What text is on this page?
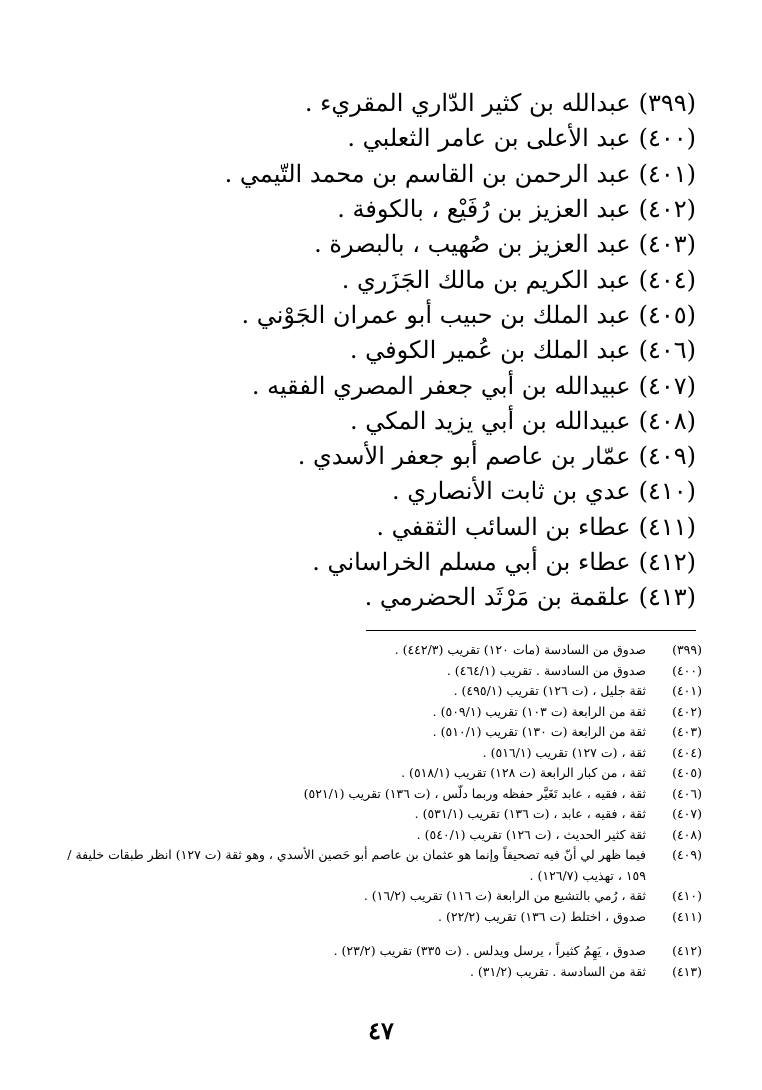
(٣٩٩)
عبدالله بن كثير الدّاري المقريء .
(٤٠٠)
عبد الأعلى بن عامر الثعلبي .
(٤٠١)
عبد الرحمن بن القاسم بن محمد التّيمي .
(٤٠٢)
عبد العزيز بن رُفَيْع ، بالكوفة .
(٤٠٣)
عبد العزيز بن صُهيب ، بالبصرة .
(٤٠٤)
عبد الكريم بن مالك الجَزَري .
(٤٠٥)
عبد الملك بن حبيب أبو عمران الجَوْني .
(٤٠٦)
عبد الملك بن عُمير الكوفي .
(٤٠٧)
عبيدالله بن أبي جعفر المصري الفقيه .
(٤٠٨)
عبيدالله بن أبي يزيد المكي .
(٤٠٩)
عمّار بن عاصم أبو جعفر الأسدي .
(٤١٠)
عدي بن ثابت الأنصاري .
(٤١١)
عطاء بن السائب الثقفي .
(٤١٢)
عطاء بن أبي مسلم الخراساني .
(٤١٣)
علقمة بن مَرْثَد الحضرمي .
(٣٩٩)
صدوق من السادسة (مات ١٢٠) تقريب (٤٤٢/٣) .
(٤٠٠)
صدوق من السادسة . تقريب (٤٦٤/١) .
(٤٠١)
ثقة جليل ، (ت ١٢٦) تقريب (٤٩٥/١) .
(٤٠٢)
ثقة من الرابعة (ت ١٠٣) تقريب (٥٠٩/١) .
(٤٠٣)
ثقة من الرابعة (ت ١٣٠) تقريب (٥١٠/١) .
(٤٠٤)
ثقة ، (ت ١٢٧) تقريب (٥١٦/١) .
(٤٠٥)
ثقة ، من كبار الرابعة (ت ١٢٨) تقريب (٥١٨/١) .
(٤٠٦)
ثقة ، فقيه ، عابد تَغَيَّر حفظه وربما دلّس ، (ت ١٣٦) تقريب (٥٢١/١)
(٤٠٧)
ثقة ، فقيه ، عابد ، (ت ١٣٦) تقريب (٥٣١/١) .
(٤٠٨)
ثقة كثير الحديث ، (ت ١٢٦) تقريب (٥٤٠/١) .
(٤٠٩)
فيما ظهر لي أنّ فيه تصحيفاً وإنما هو عثمان بن عاصم أبو حَصين الأسدي ، وهو ثقة (ت ١٢٧) انظر طبقات خليفة / ١٥٩ ، تهذيب (١٢٦/٧) .
(٤١٠)
ثقة ، رُمي بالتشيع من الرابعة (ت ١١٦) تقريب (١٦/٢) .
(٤١١)
صدوق ، اختلط (ت ١٣٦) تقريب (٢٢/٢) .
(٤١٢)
صدوق ، يَهِمُ كثيراً ، يرسل ويدلس . (ت ٣٣٥) تقريب (٢٣/٢) .
(٤١٣)
ثقة من السادسة . تقريب (٣١/٢) .
٤٧
